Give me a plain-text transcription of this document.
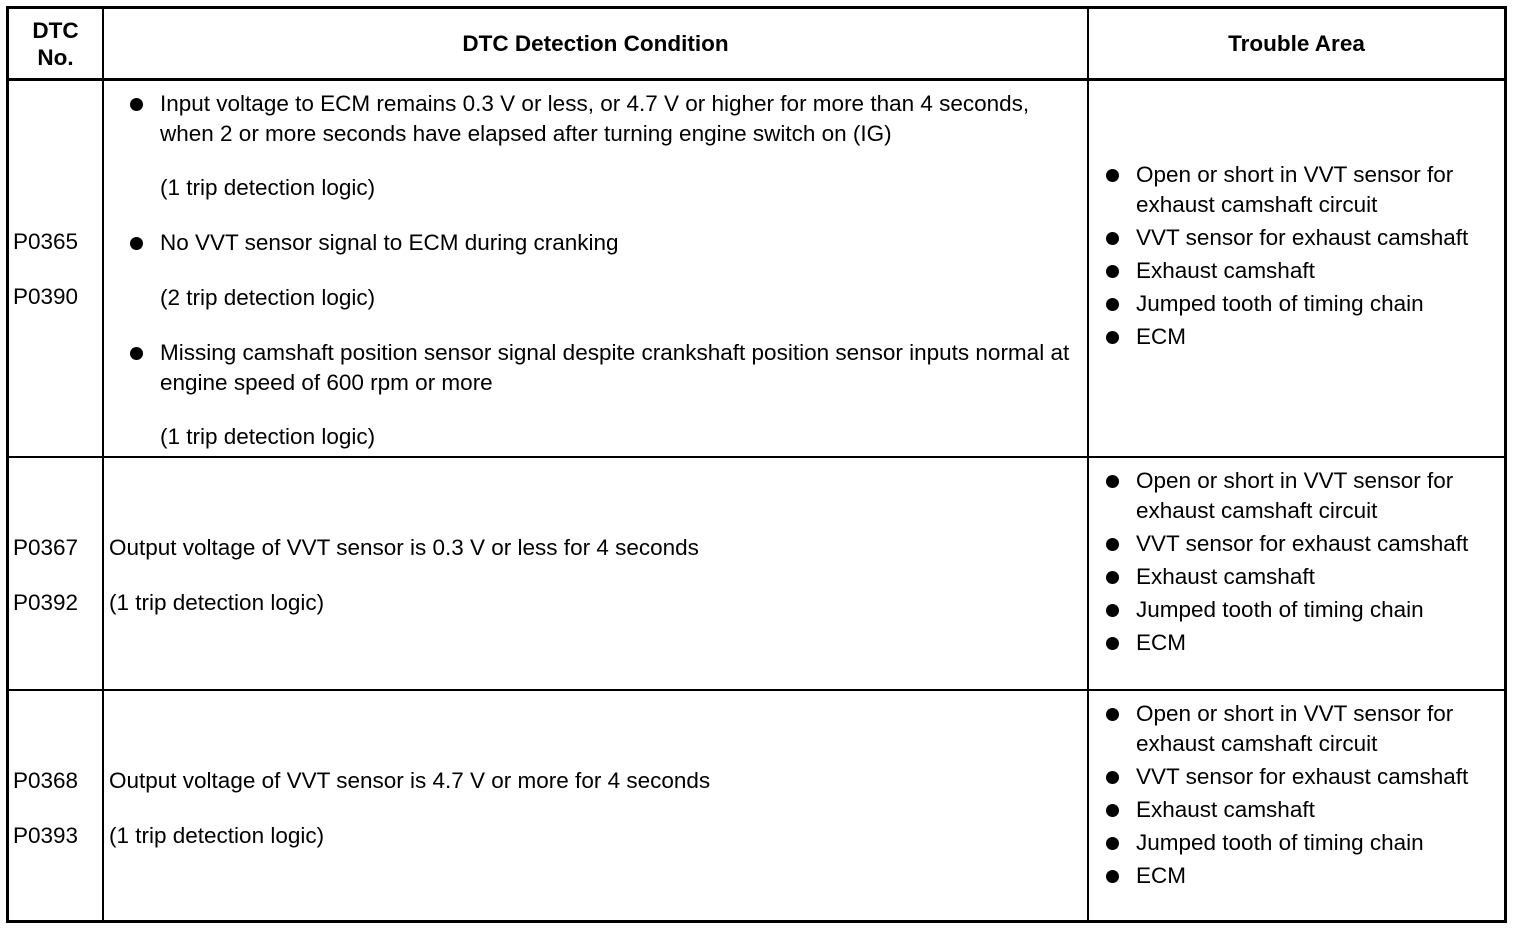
DTC No.
DTC Detection Condition	Trouble Area
P0365
P0390
Input voltage to ECM remains 0.3 V or less, or 4.7 V or higher for more than 4 seconds, when 2 or more seconds have elapsed after turning engine switch on (IG)
(1 trip detection logic)
No VVT sensor signal to ECM during cranking
(2 trip detection logic)
Missing camshaft position sensor signal despite crankshaft position sensor inputs normal at engine speed of 600 rpm or more
(1 trip detection logic)
Open or short in VVT sensor for exhaust camshaft circuit
VVT sensor for exhaust camshaft
Exhaust camshaft
Jumped tooth of timing chain
ECM
P0367
P0392
Output voltage of VVT sensor is 0.3 V or less for 4 seconds
(1 trip detection logic)
Open or short in VVT sensor for exhaust camshaft circuit
VVT sensor for exhaust camshaft
Exhaust camshaft
Jumped tooth of timing chain
ECM
P0368
P0393
Output voltage of VVT sensor is 4.7 V or more for 4 seconds
(1 trip detection logic)
Open or short in VVT sensor for exhaust camshaft circuit
VVT sensor for exhaust camshaft
Exhaust camshaft
Jumped tooth of timing chain
ECM
